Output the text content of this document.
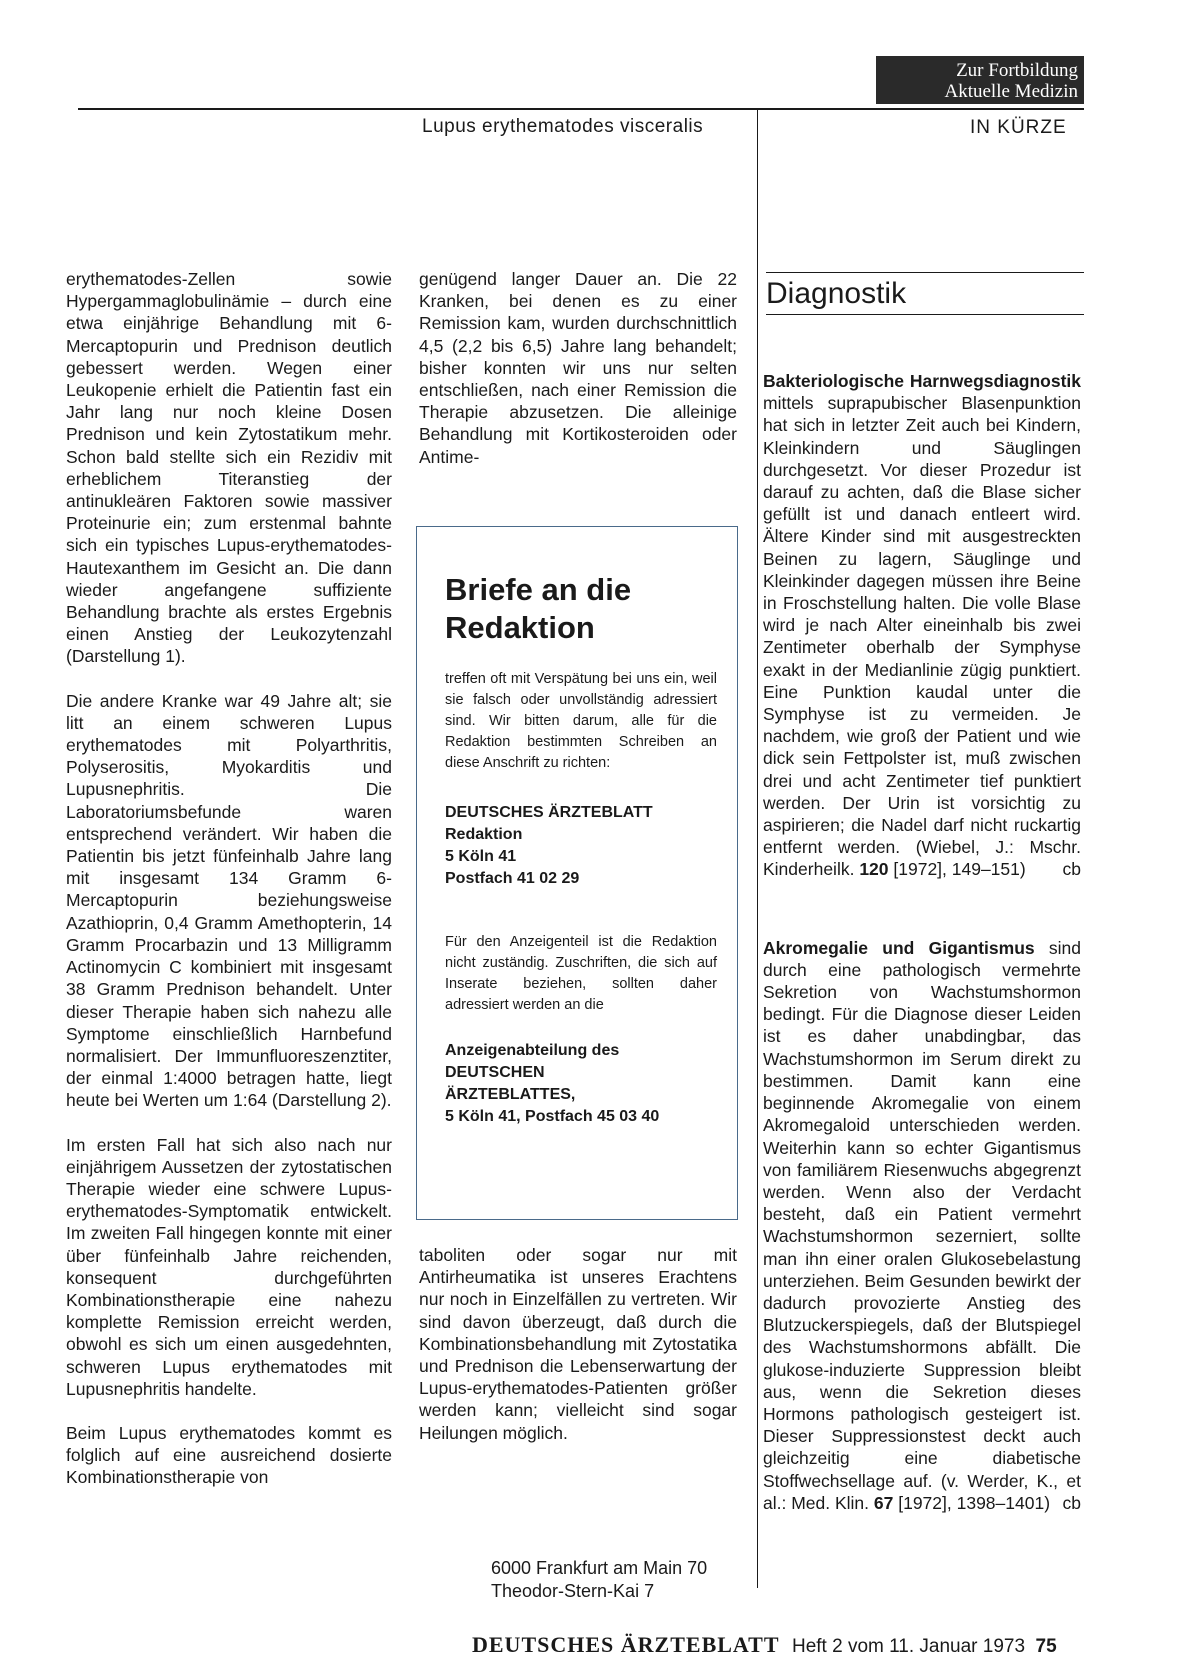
Zur Fortbildung
Aktuelle Medizin
Lupus erythematodes visceralis	IN KÜRZE

erythematodes-Zellen sowie Hypergammaglobulinämie – durch eine etwa einjährige Behandlung mit 6-Mercaptopurin und Prednison deutlich gebessert werden. Wegen einer Leukopenie erhielt die Patientin fast ein Jahr lang nur noch kleine Dosen Prednison und kein Zytostatikum mehr. Schon bald stellte sich ein Rezidiv mit erheblichem Titeranstieg der antinukleären Faktoren sowie massiver Proteinurie ein; zum erstenmal bahnte sich ein typisches Lupus-erythematodes-Hautexanthem im Gesicht an. Die dann wieder angefangene suffiziente Behandlung brachte als erstes Ergebnis einen Anstieg der Leukozytenzahl (Darstellung 1).

Die andere Kranke war 49 Jahre alt; sie litt an einem schweren Lupus erythematodes mit Polyarthritis, Polyserositis, Myokarditis und Lupusnephritis. Die Laboratoriumsbefunde waren entsprechend verändert. Wir haben die Patientin bis jetzt fünfeinhalb Jahre lang mit insgesamt 134 Gramm 6-Mercaptopurin beziehungsweise Azathioprin, 0,4 Gramm Amethopterin, 14 Gramm Procarbazin und 13 Milligramm Actinomycin C kombiniert mit insgesamt 38 Gramm Prednison behandelt. Unter dieser Therapie haben sich nahezu alle Symptome einschließlich Harnbefund normalisiert. Der Immunfluoreszenztiter, der einmal 1:4000 betragen hatte, liegt heute bei Werten um 1:64 (Darstellung 2).

Im ersten Fall hat sich also nach nur einjährigem Aussetzen der zytostatischen Therapie wieder eine schwere Lupus-erythematodes-Symptomatik entwickelt. Im zweiten Fall hingegen konnte mit einer über fünfeinhalb Jahre reichenden, konsequent durchgeführten Kombinationstherapie eine nahezu komplette Remission erreicht werden, obwohl es sich um einen ausgedehnten, schweren Lupus erythematodes mit Lupusnephritis handelte.

Beim Lupus erythematodes kommt es folglich auf eine ausreichend dosierte Kombinationstherapie von

genügend langer Dauer an. Die 22 Kranken, bei denen es zu einer Remission kam, wurden durchschnittlich 4,5 (2,2 bis 6,5) Jahre lang behandelt; bisher konnten wir uns nur selten entschließen, nach einer Remission die Therapie abzusetzen. Die alleinige Behandlung mit Kortikosteroiden oder Antime-

Briefe an die
Redaktion

treffen oft mit Verspätung bei uns ein, weil sie falsch oder unvollständig adressiert sind. Wir bitten darum, alle für die Redaktion bestimmten Schreiben an diese Anschrift zu richten:

DEUTSCHES ÄRZTEBLATT

Redaktion

5 Köln 41

Postfach 41 02 29

Für den Anzeigenteil ist die Redaktion nicht zuständig. Zuschriften, die sich auf Inserate beziehen, sollten daher adressiert werden an die

Anzeigenabteilung des

DEUTSCHEN

ÄRZTEBLATTES,

5 Köln 41, Postfach 45 03 40

taboliten oder sogar nur mit Antirheumatika ist unseres Erachtens nur noch in Einzelfällen zu vertreten. Wir sind davon überzeugt, daß durch die Kombinationsbehandlung mit Zytostatika und Prednison die Lebenserwartung der Lupus-erythematodes-Patienten größer werden kann; vielleicht sind sogar Heilungen möglich.

6000 Frankfurt am Main 70
Theodor-Stern-Kai 7
Diagnostik

Bakteriologische Harnwegsdiagnostik mittels suprapubischer Blasenpunktion hat sich in letzter Zeit auch bei Kindern, Kleinkindern und Säuglingen durchgesetzt. Vor dieser Prozedur ist darauf zu achten, daß die Blase sicher gefüllt ist und danach entleert wird. Ältere Kinder sind mit ausgestreckten Beinen zu lagern, Säuglinge und Kleinkinder dagegen müssen ihre Beine in Froschstellung halten. Die volle Blase wird je nach Alter eineinhalb bis zwei Zentimeter oberhalb der Symphyse exakt in der Medianlinie zügig punktiert. Eine Punktion kaudal unter die Symphyse ist zu vermeiden. Je nachdem, wie groß der Patient und wie dick sein Fettpolster ist, muß zwischen drei und acht Zentimeter tief punktiert werden. Der Urin ist vorsichtig zu aspirieren; die Nadel darf nicht ruckartig entfernt werden. (Wiebel, J.: Mschr. Kinderheilk. 120 [1972], 149–151) cb

Akromegalie und Gigantismus sind durch eine pathologisch vermehrte Sekretion von Wachstumshormon bedingt. Für die Diagnose dieser Leiden ist es daher unabdingbar, das Wachstumshormon im Serum direkt zu bestimmen. Damit kann eine beginnende Akromegalie von einem Akromegaloid unterschieden werden. Weiterhin kann so echter Gigantismus von familiärem Riesenwuchs abgegrenzt werden. Wenn also der Verdacht besteht, daß ein Patient vermehrt Wachstumshormon sezerniert, sollte man ihn einer oralen Glukosebelastung unterziehen. Beim Gesunden bewirkt der dadurch provozierte Anstieg des Blutzuckerspiegels, daß der Blutspiegel des Wachstumshormons abfällt. Die glukose-induzierte Suppression bleibt aus, wenn die Sekretion dieses Hormons pathologisch gesteigert ist. Dieser Suppressionstest deckt auch gleichzeitig eine diabetische Stoffwechsellage auf. (v. Werder, K., et al.: Med. Klin. 67 [1972], 1398–1401) cb

DEUTSCHES ÄRZTEBLATT Heft 2 vom 11. Januar 1973 75
